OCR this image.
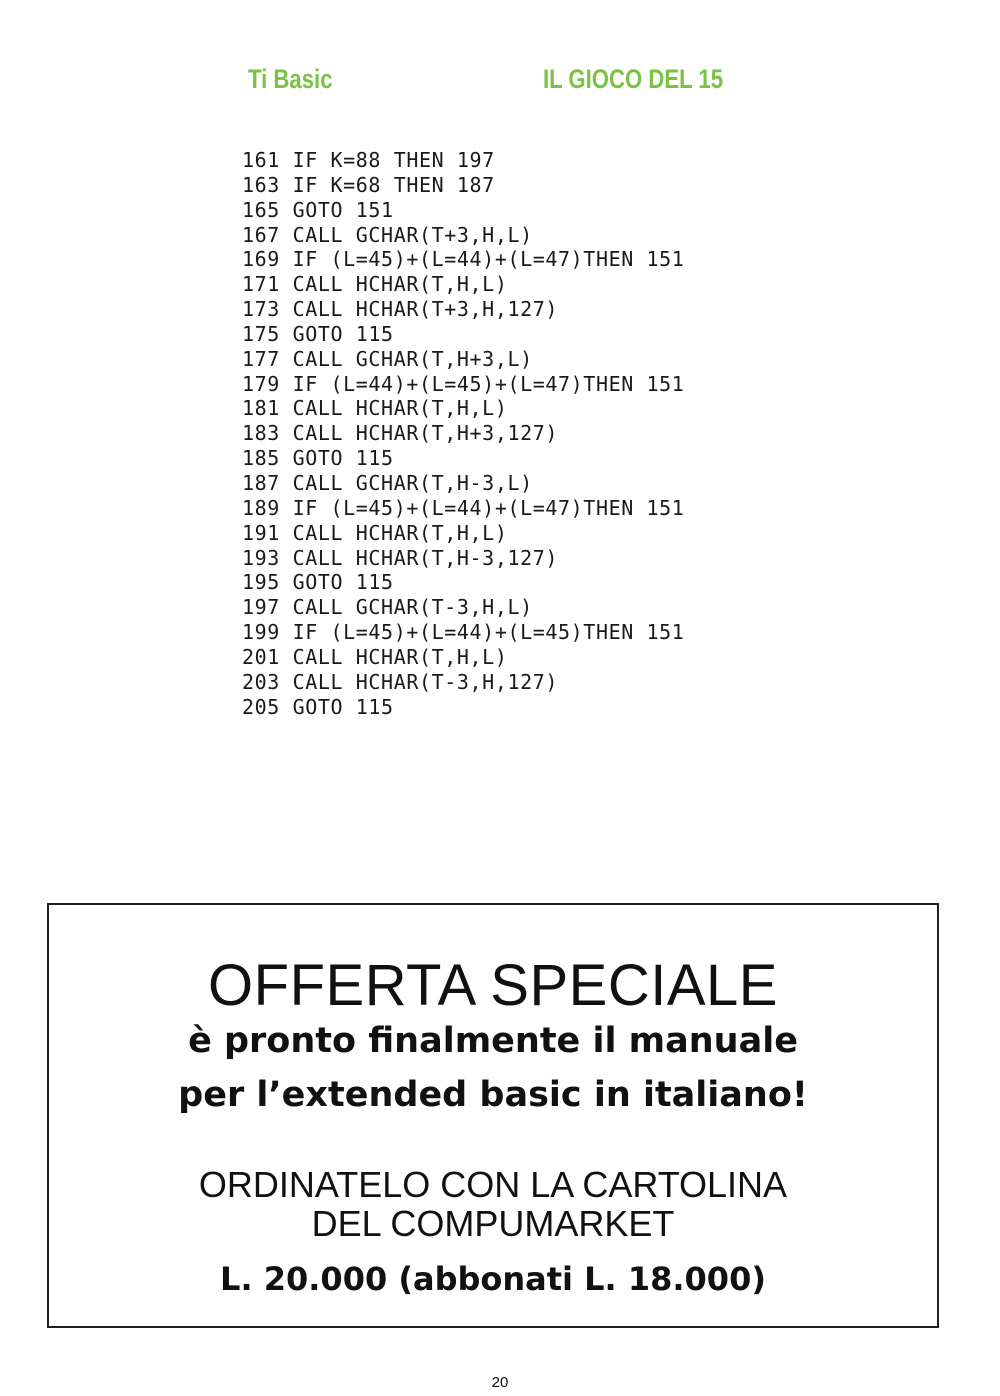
Ti Basic	IL GIOCO DEL 15
161 IF K=88 THEN 197
163 IF K=68 THEN 187
165 GOTO 151
167 CALL GCHAR(T+3,H,L)
169 IF (L=45)+(L=44)+(L=47)THEN 151
171 CALL HCHAR(T,H,L)
173 CALL HCHAR(T+3,H,127)
175 GOTO 115
177 CALL GCHAR(T,H+3,L)
179 IF (L=44)+(L=45)+(L=47)THEN 151
181 CALL HCHAR(T,H,L)
183 CALL HCHAR(T,H+3,127)
185 GOTO 115
187 CALL GCHAR(T,H-3,L)
189 IF (L=45)+(L=44)+(L=47)THEN 151
191 CALL HCHAR(T,H,L)
193 CALL HCHAR(T,H-3,127)
195 GOTO 115
197 CALL GCHAR(T-3,H,L)
199 IF (L=45)+(L=44)+(L=45)THEN 151
201 CALL HCHAR(T,H,L)
203 CALL HCHAR(T-3,H,127)
205 GOTO 115
OFFERTA SPECIALE
è pronto finalmente il manuale
per l’extended basic in italiano!
ORDINATELO CON LA CARTOLINA
DEL COMPUMARKET
L. 20.000 (abbonati L. 18.000)
20
